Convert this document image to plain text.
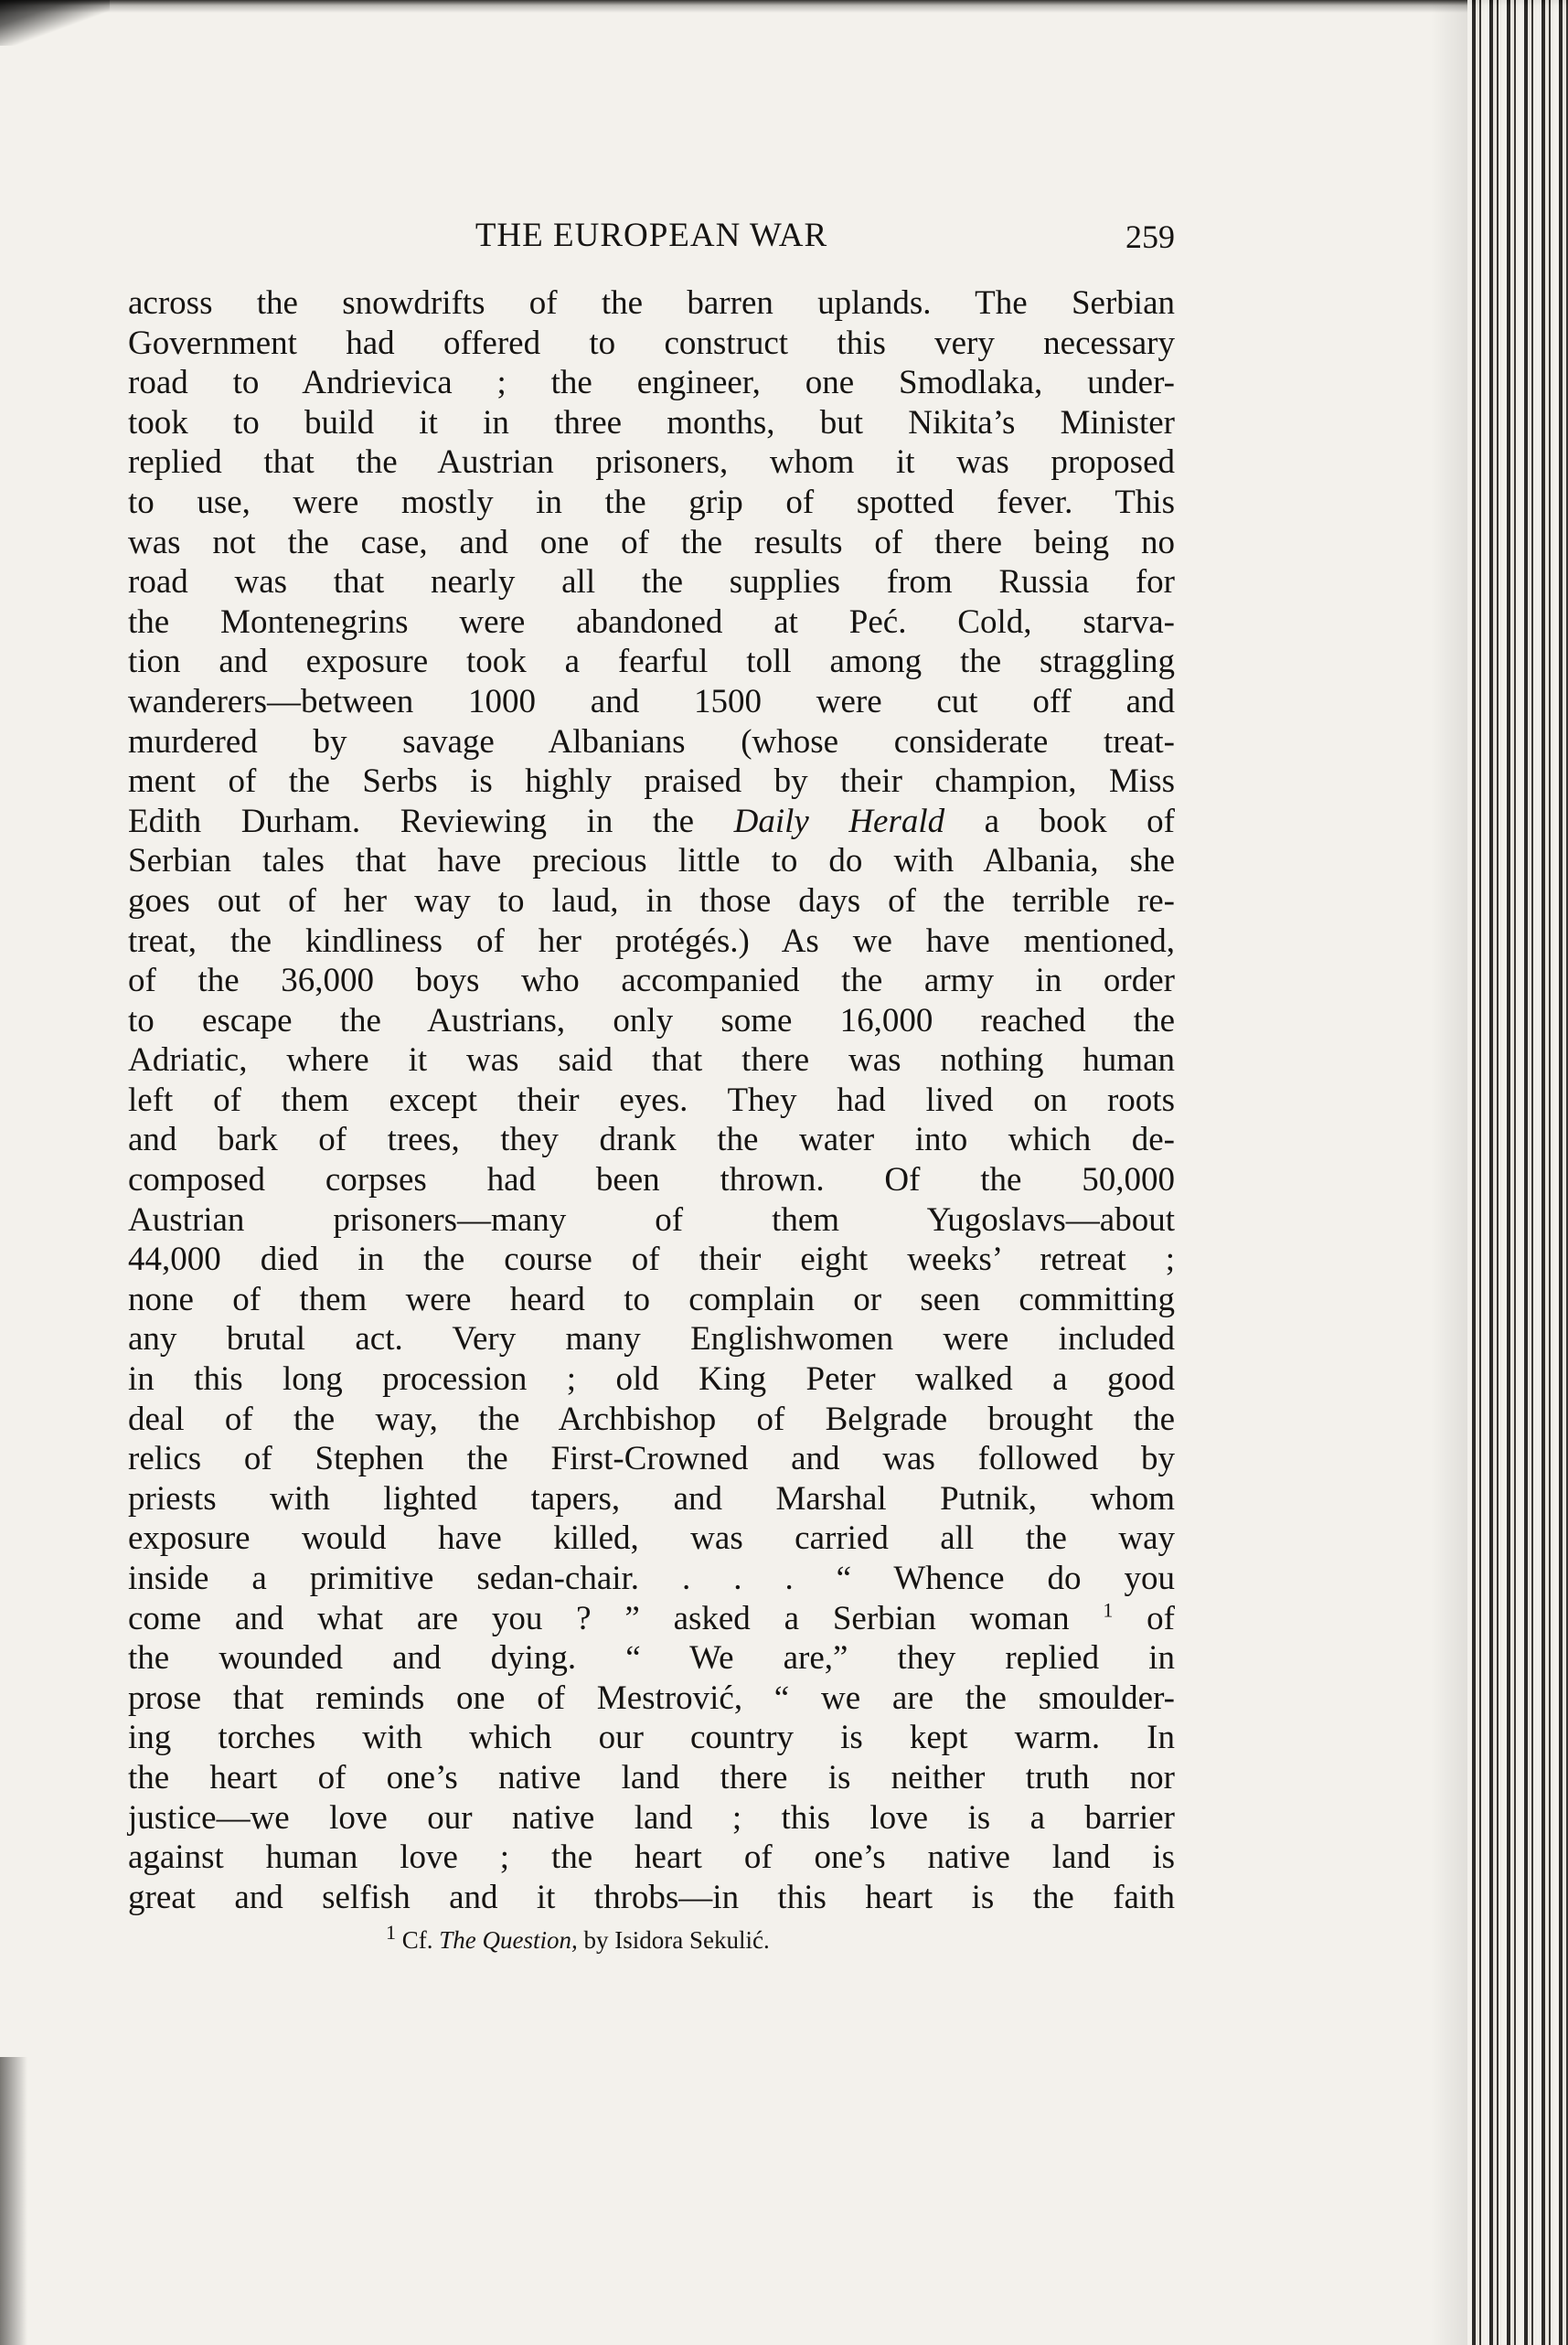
THE EUROPEAN WAR	259
across the snowdrifts of the barren uplands. The Serbian
Government had offered to construct this very necessary
road to Andrievica ; the engineer, one Smodlaka, under-
took to build it in three months, but Nikita’s Minister
replied that the Austrian prisoners, whom it was proposed
to use, were mostly in the grip of spotted fever. This
was not the case, and one of the results of there being no
road was that nearly all the supplies from Russia for
the Montenegrins were abandoned at Peć. Cold, starva-
tion and exposure took a fearful toll among the straggling
wanderers—between 1000 and 1500 were cut off and
murdered by savage Albanians (whose considerate treat-
ment of the Serbs is highly praised by their champion, Miss
Edith Durham. Reviewing in the Daily Herald a book of
Serbian tales that have precious little to do with Albania, she
goes out of her way to laud, in those days of the terrible re-
treat, the kindliness of her protégés.) As we have mentioned,
of the 36,000 boys who accompanied the army in order
to escape the Austrians, only some 16,000 reached the
Adriatic, where it was said that there was nothing human
left of them except their eyes. They had lived on roots
and bark of trees, they drank the water into which de-
composed corpses had been thrown. Of the 50,000
Austrian prisoners—many of them Yugoslavs—about
44,000 died in the course of their eight weeks’ retreat ;
none of them were heard to complain or seen committing
any brutal act. Very many Englishwomen were included
in this long procession ; old King Peter walked a good
deal of the way, the Archbishop of Belgrade brought the
relics of Stephen the First-Crowned and was followed by
priests with lighted tapers, and Marshal Putnik, whom
exposure would have killed, was carried all the way
inside a primitive sedan-chair. . . . “ Whence do you
come and what are you ? ” asked a Serbian woman $^1$ of
the wounded and dying. “ We are,” they replied in
prose that reminds one of Mestrović, “ we are the smoulder-
ing torches with which our country is kept warm. In
the heart of one’s native land there is neither truth nor
justice—we love our native land ; this love is a barrier
against human love ; the heart of one’s native land is
great and selfish and it throbs—in this heart is the faith
$^1$ Cf. The Question, by Isidora Sekulić.
